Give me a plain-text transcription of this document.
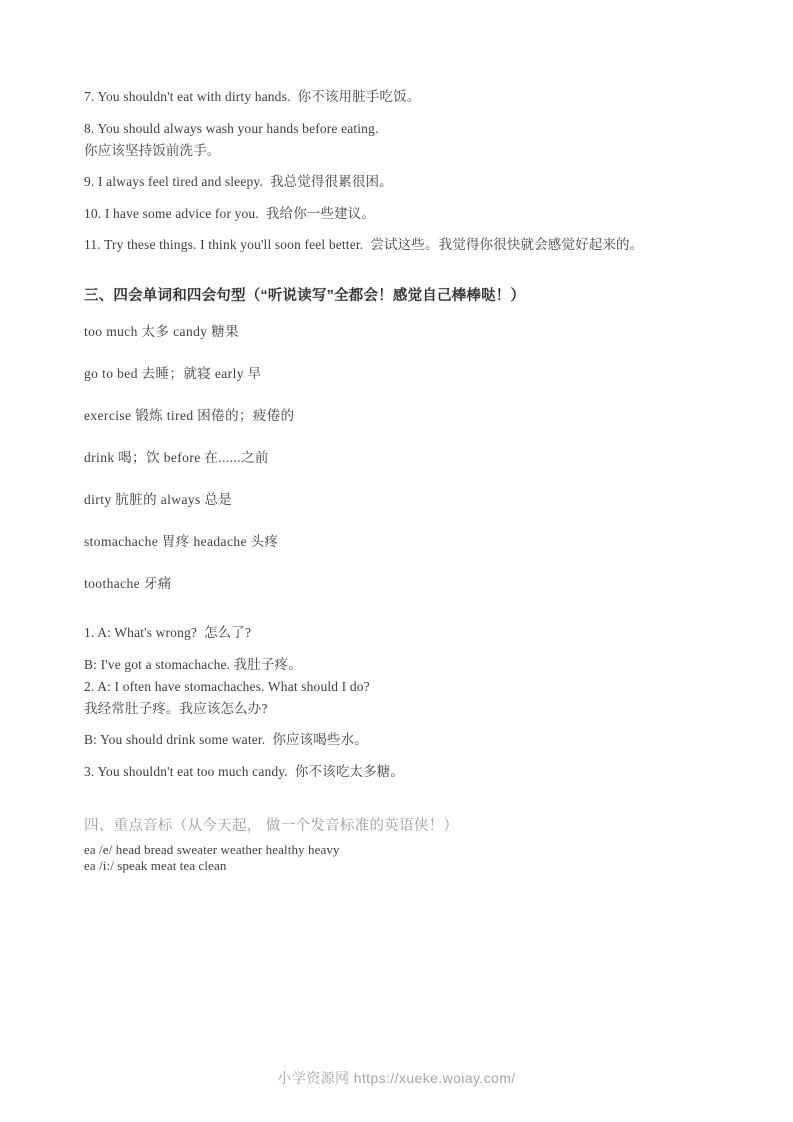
7. You shouldn't eat with dirty hands.  你不该用脏手吃饭。
8. You should always wash your hands before eating.
你应该坚持饭前洗手。
9. I always feel tired and sleepy.  我总觉得很累很困。
10. I have some advice for you.  我给你一些建议。
11. Try these things. I think you'll soon feel better.  尝试这些。我觉得你很快就会感觉好起来的。
三、四会单词和四会句型（“听说读写”全都会！感觉自己棒棒哒！）
too much 太多 candy 糖果
go to bed 去睡；就寝 early 早
exercise 锻炼 tired 困倦的；疲倦的
drink 喝；饮 before 在......之前
dirty 肮脏的 always 总是
stomachache 胃疼 headache 头疼
toothache 牙痛
1. A: What's wrong?  怎么了?
B: I've got a stomachache. 我肚子疼。
2. A: I often have stomachaches. What should I do?
我经常肚子疼。我应该怎么办?
B: You should drink some water.  你应该喝些水。
3. You shouldn't eat too much candy.  你不该吃太多糖。
四、重点音标（从今天起， 做一个发音标准的英语侠！）
ea /e/ head bread sweater weather healthy heavy
ea /i:/ speak meat tea clean
小学资源网 https://xueke.woiay.com/
